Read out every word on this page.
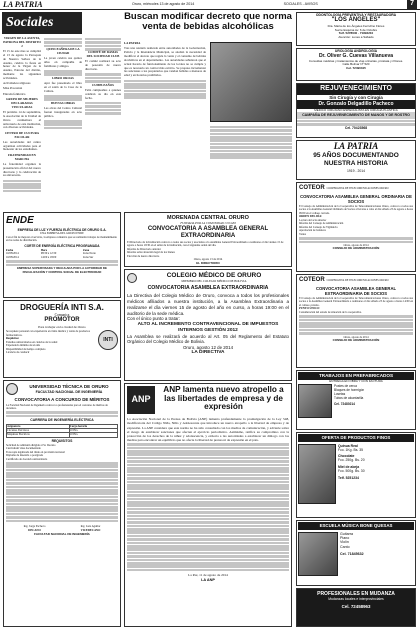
LA PATRIA	Oruro, miércoles 13 de agosto de 2014	SOCIALES - AVISOS	7
Sociales

VIRGEN DE LA ASUNTA, PATRONA DEL DISTRITO 2

El 15 de este mes se cumplirá el 13 de agosto la Parroquia de Nuestra Señora de la Asunta, celebra la fiesta en honor de la Virgen de la Asunta, Patrona del distrito, mediante las siguientes actividades.

Actividades religiosas

Misa Procesión

Entrada folklórica

GRUPO DE MUJERES DECLARADAS VINCULADAS

El próximo 14 de septiembre, la Asociación de la Unidad de Oruro conmemora el aniversario de esta institución, con diversas actividades.

CENTRO DE CULTURA ESCOLAR

Las autoridades del centro organizan actividades para el bienestar de los estudiantes.

FRATERNIDAD EN MARCHA

La fraternidad organiza la presentación oficial del nuevo directorio y la celebración de su aniversario.

QUINCEAÑERA DE LA CIUDAD

La joven celebró sus quince años en compañía de familiares y amigos.

LIBRO OROAS

Ayer fue presentado el libro en el salón de la Casa de la Cultura.

BUENAS OBRAS

Las obras del Centro Cultural fueron inauguradas en acto público.

COMITÉ DE DAMAS DEL SOCIEDAD CLUB

El comité realizará su acto de posesión de nuevo directorio.

CUMPLEAÑOS

Feliz cumpleaños a quienes celebran su día en esta fecha.

Buscan modificar decreto que norma venta de bebidas alcohólicas

LA PATRIA

Tras una reunión realizada entre autoridades de la Gobernación, Policía y la Intendencia Municipal, se analizó la necesidad de modificar el decreto que regula la venta y el consumo de bebidas alcohólicas en el departamento. Las autoridades señalaron que el actual horario de funcionamiento de los locales no se cumple y que es necesario un control más estricto. Se propuso incrementar las sanciones a los propietarios que vendan bebidas a menores de edad y en horarios prohibidos.

ODONTOLOGÍA PREVENTIVA Y RESTAURADORA
"LOS ÁNGELES"
Dra. María de los Ángeles Ferrufino Flores
Sucre Esquina Av. 6 de Octubre
Telf. 5278640 - 71894210
Atención: Lunes a Sábado
UROLOGÍA ANDROLOGÍA
Dr. Oliver G. Cuevas Villanueva
Consultas médicas y tratamientos de vías urinarias, próstata y riñones.
Calle Bolívar Nº 520
Cel. 72490315
REJUVENECIMIENTO
Sin Cirugía y con Cirugía
Dr. Gonzalo Delgadillo Pacheco
MÉDICO CIRUJANO ESPECIALISTA EN CIRUGÍA PLÁSTICA
CAMPAÑA DE REJUVENECIMIENTO DE MANOS Y DE ROSTRO
Cel. 70423568
LA PATRIA
95 AÑOS DOCUMENTANDO NUESTRA HISTORIA
1919 - 2014
ENDE
EMPRESA DE LUZ Y FUERZA ELÉCTRICA DE ORURO S.A.
UNA EMPRESA DEL GRUPO ENDE
Con el fin de mejorar el servicio, la empresa comunica que se realizarán trabajos de mantenimiento en las redes de distribución.
CORTE DE ENERGÍA ELÉCTRICA PROGRAMADA
Fecha	Hora	Zona
16/08/2014	08:30 a 12:30	Zona Norte
16/08/2014	14:00 a 18:00	Zona Sur
EMPRESA SUPERVISADA Y REGULADA POR LA AUTORIDAD DE FISCALIZACIÓN Y CONTROL SOCIAL DE ELECTRICIDAD
DROGUERÍA INTI S.A.
Comunica
PROMOTOR
Para trabajar en la ciudad de Oruro
Se requiere personal con experiencia en visita médica y venta de productos farmacéuticos.
Requisitos:
Estudios universitarios en ciencias de la salud
Experiencia mínima de un año
Disponibilidad de tiempo completo
Licencia de conducir
INTI
UNIVERSIDAD TÉCNICA DE ORURO
FACULTAD NACIONAL DE INGENIERÍA
CONVOCATORIA A CONCURSO DE MÉRITOS
La Facultad Nacional de Ingeniería convoca a profesionales para el concurso de méritos de docentes.
CARRERA DE INGENIERÍA ELÉCTRICA
Asignatura	Carga horaria
Circuitos Eléctricos	10 Hrs.
Máquinas Eléctricas	10 Hrs.
REQUISITOS
Solicitud de admisión dirigida al Sr. Decano
Curriculum vitae documentado
Fotocopia legalizada del título en provisión nacional
Diploma de maestría o postgrado
Certificado de docencia universitaria
Ing. Jorge Pacheco
DECANO
Ing. Luis Aguilar
VICEDECANO
FACULTAD NACIONAL DE INGENIERÍA
MORENADA CENTRAL ORURO
FUNDADA POR LA COMUNIDAD COCANI
CONVOCATORIA A ASAMBLEA GENERAL EXTRAORDINARIA
El Directorio de la Institución convoca a todos sus socios y asociados a la Asamblea General Extraordinaria a realizarse el día viernes 15 de agosto a horas 19:30 en el salón de la institución, con el siguiente orden del día.
Informe de Directorio anterior
Informe sobre situación legal de los bienes
Elección de nuevo directorio
Oruro, agosto 13 de 2014
EL DIRECTORIO
COLEGIO MÉDICO DE ORURO
MIEMBRO DEL COLEGIO MÉDICO DE BOLIVIA
CONVOCATORIA ASAMBLEA EXTRAORDINARIA
La Directiva del Colegio Médico de Oruro, convoca a todos los profesionales médicos afiliados a nuestra institución, a la Asamblea Extraordinaria a realizarse el día viernes 15 de agosto del año en curso, a horas 19:00 en el auditorio de la sede médica.
Con el único punto a tratar:
ALTO AL INCREMENTO CONTRAVENCIONAL DE IMPUESTOS INTERNOS GESTIÓN 2012
La Asamblea se realizará de acuerdo al Art. 05 del Reglamento del Estatuto Orgánico del Colegio Médico de Bolivia.
Oruro, agosto 12 de 2014
LA DIRECTIVA
ANP
ANP lamenta nuevo atropello a las libertades de empresa y de expresión
La Asociación Nacional de la Prensa de Bolivia (ANP) lamenta profundamente la promulgación de la Ley 548, modificatoria del Código Niña, Niño y Adolescente que introduce un nuevo atropello a la libertad de empresa y de expresión. La ANP considera que esta norma no ha sido consultada con los medios de comunicación, y advierte sobre el riesgo de establecer sanciones que afecten el ejercicio periodístico. Asimismo, ratifica su compromiso con la protección de los derechos de la niñez y adolescencia, y exhorta a las autoridades a establecer un diálogo con los medios para encontrar un equilibrio que no afecte la libertad de prensa ni de expresión en el país.
La Paz, 11 de agosto de 2014
LA ANP
COTEOR COOPERATIVA DE TELECOMUNICACIONES ORURO
CONVOCATORIA ASAMBLEA GENERAL ORDINARIA DE SOCIOS
El Consejo de Administración de la Cooperativa de Telecomunicaciones Oruro, convoca a todos sus socios a la Asamblea General Ordinaria de Socios a llevarse a cabo el día sábado 23 de agosto a horas 09:00 en el coliseo cerrado.
ORDEN DEL DÍA:
Lectura del acta anterior
Informe del Consejo de Administración
Informe del Consejo de Vigilancia
Aprobación de balances
Varios
Oruro, agosto de 2014
CONSEJO DE ADMINISTRACIÓN
COTEOR COOPERATIVA DE TELECOMUNICACIONES ORURO
CONVOCATORIA ASAMBLEA GENERAL EXTRAORDINARIA DE SOCIOS
El Consejo de Administración de la Cooperativa de Telecomunicaciones Oruro, convoca a todos sus socios a la Asamblea General Extraordinaria a realizarse el día sábado 23 de agosto a horas 14:00 en el coliseo cerrado.
PUNTO ÚNICO:
Consideración del estado de situación de la cooperativa.
Oruro, agosto de 2014
CONSEJO DE ADMINISTRACIÓN
TRABAJOS EN PREFABRICADOS
ENTREGA EN OBRA Y CON FACTURA
Postes de cerca
Bloques de hormigón
Losetas
Tubos de alcantarilla
Cel. 72480214
OFERTA DE PRODUCTOS FINOS
Quinua Real
Fco. 1Kg. Bs. 35
Chocolate
Fco. 250g. Bs. 20
Miel de abeja
Fco. 500g. Bs. 30
Telf. 5251234
ESCUELA MÚSICA BONE QUESAS
Guitarra
Piano
Violín
Canto
Cel. 71845632
PROFESIONALES EN MUDANZA
Mudanzas locales e interprovinciales
Cel. 72458963
